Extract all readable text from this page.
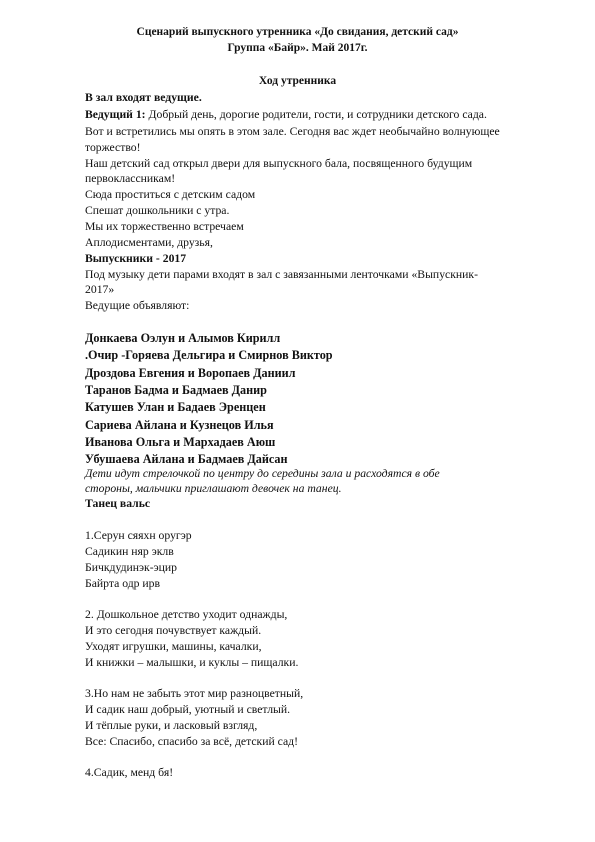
Сценарий выпускного утренника «До свидания, детский сад»
Группа «Байр». Май 2017г.
Ход утренника
В зал входят ведущие.
Ведущий 1: Добрый день, дорогие родители, гости, и сотрудники детского сада.
Вот и встретились мы опять в этом зале. Сегодня вас ждет необычайно волнующее
торжество!
Наш детский сад открыл двери для выпускного бала, посвященного будущим
первоклассникам!
Сюда проститься с детским садом
Спешат дошкольники с утра.
Мы их торжественно встречаем
Аплодисментами, друзья,
Выпускники - 2017
Под музыку дети парами входят в зал с завязанными ленточками «Выпускник-
2017»
Ведущие объявляют:
Донкаева Оэлун и Алымов Кирилл
.Очир -Горяева Дельгира и Смирнов Виктор
Дроздова Евгения и Воропаев Даниил
Таранов Бадма и Бадмаев Данир
Катушев Улан и Бадаев Эренцен
Сариева Айлана и Кузнецов Илья
Иванова Ольга и Мархадаев Аюш
Убушаева Айлана и Бадмаев Дайсан
Дети идут стрелочкой по центру до середины зала и расходятся в обе
стороны, мальчики приглашают девочек на танец.
Танец вальс
1.Серун сяяхн оругэр
Садикин няр эклв
Бичкдудинэк-эцир
Байрта одр ирв
2. Дошкольное детство уходит однажды,
И это сегодня почувствует каждый.
Уходят игрушки, машины, качалки,
И книжки – малышки, и куклы – пищалки.
3.Но нам не забыть этот мир разноцветный,
И садик наш добрый, уютный и светлый.
И тёплые руки, и ласковый взгляд,
Все: Спасибо, спасибо за всё, детский сад!
4.Садик, менд бя!
